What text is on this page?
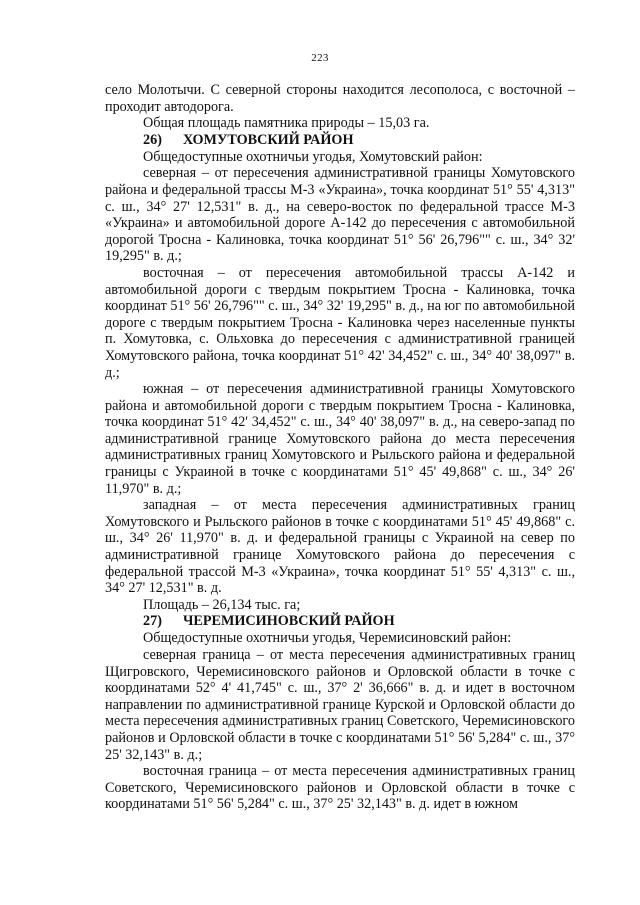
223

село Молотычи. С северной стороны находится лесополоса, с восточной – проходит автодорога.

Общая площадь памятника природы – 15,03 га.

26) ХОМУТОВСКИЙ РАЙОН

Общедоступные охотничьи угодья, Хомутовский район:

северная – от пересечения административной границы Хомутовского района и федеральной трассы М-3 «Украина», точка координат 51° 55' 4,313" с. ш., 34° 27' 12,531" в. д., на северо-восток по федеральной трассе М-3 «Украина» и автомобильной дороге А-142 до пересечения с автомобильной дорогой Тросна - Калиновка, точка координат 51° 56' 26,796"" с. ш., 34° 32' 19,295" в. д.;

восточная – от пересечения автомобильной трассы А-142 и автомобильной дороги с твердым покрытием Тросна - Калиновка, точка координат 51° 56' 26,796"" с. ш., 34° 32' 19,295" в. д., на юг по автомобильной дороге с твердым покрытием Тросна - Калиновка через населенные пункты п. Хомутовка, с. Ольховка до пересечения с административной границей Хомутовского района, точка координат 51° 42' 34,452" с. ш., 34° 40' 38,097" в. д.;

южная – от пересечения административной границы Хомутовского района и автомобильной дороги с твердым покрытием Тросна - Калиновка, точка координат 51° 42' 34,452" с. ш., 34° 40' 38,097" в. д., на северо-запад по административной границе Хомутовского района до места пересечения административных границ Хомутовского и Рыльского района и федеральной границы с Украиной в точке с координатами 51° 45' 49,868" с. ш., 34° 26' 11,970" в. д.;

западная – от места пересечения административных границ Хомутовского и Рыльского районов в точке с координатами 51° 45' 49,868" с. ш., 34° 26' 11,970" в. д. и федеральной границы с Украиной на север по административной границе Хомутовского района до пересечения с федеральной трассой М-3 «Украина», точка координат 51° 55' 4,313" с. ш., 34° 27' 12,531" в. д.

Площадь – 26,134 тыс. га;

27) ЧЕРЕМИСИНОВСКИЙ РАЙОН

Общедоступные охотничьи угодья, Черемисиновский район:

северная граница – от места пересечения административных границ Щигровского, Черемисиновского районов и Орловской области в точке с координатами 52° 4' 41,745" с. ш., 37° 2' 36,666" в. д. и идет в восточном направлении по административной границе Курской и Орловской области до места пересечения административных границ Советского, Черемисиновского районов и Орловской области в точке с координатами 51° 56' 5,284" с. ш., 37° 25' 32,143" в. д.;

восточная граница – от места пересечения административных границ Советского, Черемисиновского районов и Орловской области в точке с координатами 51° 56' 5,284" с. ш., 37° 25' 32,143" в. д. идет в южном
